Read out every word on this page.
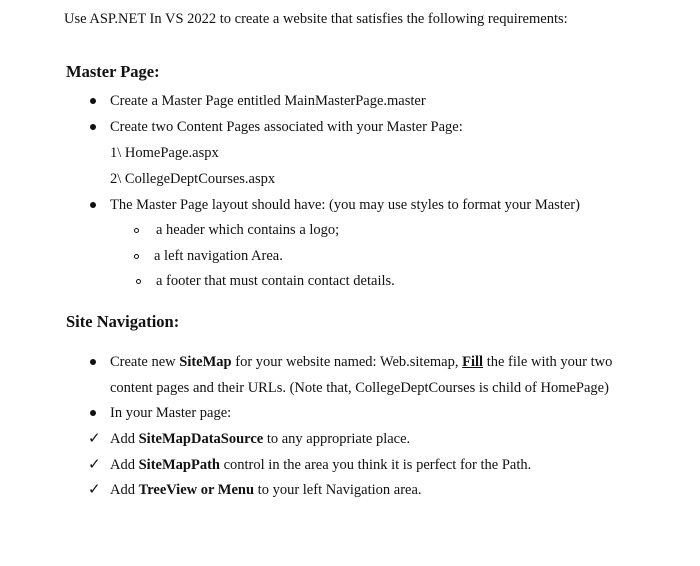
Use ASP.NET In VS 2022 to create a website that satisfies the following requirements:
Master Page:
Create a Master Page entitled MainMasterPage.master
Create two Content Pages associated with your Master Page:
1\ HomePage.aspx
2\ CollegeDeptCourses.aspx
The Master Page layout should have: (you may use styles to format your Master)
a header which contains a logo;
a left navigation Area.
a footer that must contain contact details.
Site Navigation:
Create new SiteMap for your website named: Web.sitemap, Fill the file with your two
content pages and their URLs. (Note that, CollegeDeptCourses is child of HomePage)
In your Master page:
✓ Add SiteMapDataSource to any appropriate place.
✓ Add SiteMapPath control in the area you think it is perfect for the Path.
✓ Add TreeView or Menu to your left Navigation area.
